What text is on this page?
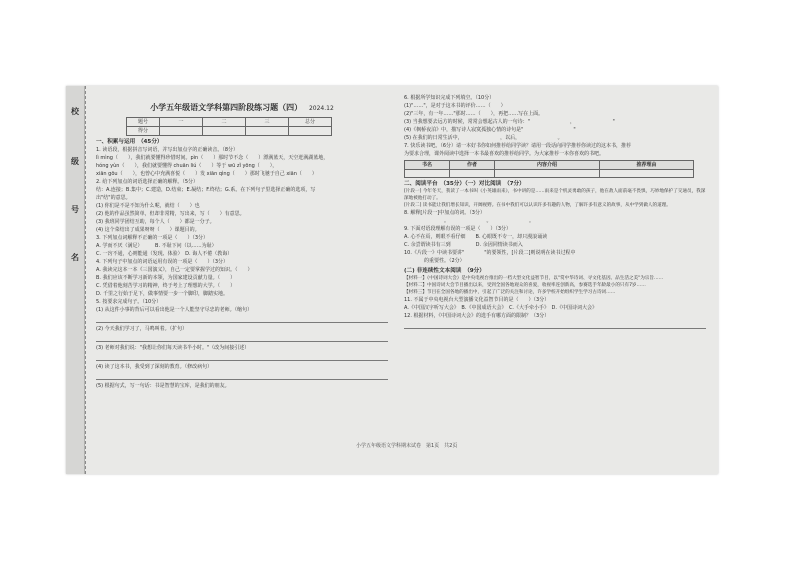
校
级
号
名
小学五年级语文学科第四阶段练习题（四） 2024.12
题号	一	二	三	总分
得分				
一、积累与运用　（45分）

1. 读语段，根据拼音写词语，并写出加点字的正确读音。（8分）

lì mìng（　　），我们就要懂得珍惜时间。pìn（　　）那时节不念（　　）漂满蓝天，天空迸满湖蓝地，

hóng yùn（　　），我们就要懂得 chuān liú（　　）等于 wū zǐ yōng（　　），

xiān gōu（　　），也曾心中充满喜悦（　　）发 xiān qìng（　　）那时飞驰于自己 xiān（　　）

2. 给下列加点的词语选择正确的解释。（5分）

结：A.连接；B.集中；C.建造，D.结束；E.凝结；F.终结；G.系。在下列句子里选择正确的选项，写

出"结"的意思。

(1) 你们是不是不知为什么呢，就结（　　）也

(2) 他的作品虽然简单，但却非常精，写出来，写（　　）有意思。

(3) 我班同学团结互助，每个人（　　）都是一分子。

(4) 这个菜结出了成果呀呀（　　）课题目的。

3. 下列加点词解释不正确的一项是（　　）（3分）

A. 学而不厌（满足）　　　B. 不耻下问（以……为耻）

C. 一窍不通，心则能通（发现、体验）　D. 诲人不倦（教诲）

4. 下列句子中加点的词语运用有误的一项是（　　）（3分）

A. 我读完这本一本《三国演义》，自己一定要掌握学过的知识。（　　）

B. 我们应该不断学习新的本领，为国家建设贡献力量。（　　）

C. 凭借着他刻苦学习的精神，终于考上了理想的大学。（　　）

D. 千里之行始于足下，做事情要一步一个脚印，脚踏实地。

5. 按要求完成句子。（10分）

(1) 从这件小事的背后可以看出他是一个人能坚守尽忠的老师。（缩句）

(2) 今天我们学习了，马鸣叫着。（扩句）

(3) 老师对我们说："我想让你们每天读书半小时。"（改为间接引述）

(4) 读了这本书，我受到了深刻的教育。（修改病句）

(5) 根据句式，写一句话：书是智慧的宝库，是我们的朋友。

6. 根据所学知识完成下列填空。（10分）

(1)"……"，是对于这本书的评价……（　　）

(2)"三年，有一年……"那时……（　　），再把……写在上面。

(3) 当我想要去远方的时候，常常会想起古人的一句诗："　　　　　　　　，　　　　　　　　"

(4)《枫桥夜泊》中，描写诗人寂寞孤独心情的诗句是"　　　　　　　　　　"

(5) 在我们的日常生活中，　　　　　　　　，以后，　　　　　　　　。

7. 快乐读书吧。（6分）请一本好书你如何推荐给同学读？请用一段话向同学推荐你读过的这本书，推荐

为要求合理，课外阅读中选择一本书最喜欢的推荐给同学。为大家推荐一本你喜欢的书吧。

书名	作者	内容介绍	推荐理由

二、阅读平台　（35分）（一）对比阅读　（7分）
[片段一] 今年冬天，我读了一本书叫《小英雄雨来》，书中讲的是……雨来是个机灵勇敢的孩子，他在敌人面前毫不畏惧，巧妙地保护了交通员，我深深地被他打动了。
[片段二] 读书能让我们增长知识，开阔视野。在书中我们可以认识许多有趣的人物，了解许多有意义的故事，从中学到做人的道理。

8. 解释[片段一]中加点的词。（3分）

　　　　　　　　。　　　　　　　　。　　　　　　　　。

9. 下面对语段理解有误的一项是（　　）（3分）

A. 心不在焉，则眼不看仔细　　B. 心眼既不专一，却只漫浪诵读

C. 余尝谓读书有三到　　　　　D. 余因同情读书而入

10.《片段一》中读书要讲"　　　　"的要领性，[片段二]则说明在读书过程中

　　　　的重要性。（2分）

(二) 非连续性文本阅读　（9分）
【材料一】《中国诗词大会》是中央电视台推出的一档大型文化益智节目，以"赏中华诗词、寻文化基因、品生活之美"为宗旨……
【材料二】中国诗词大会节目播出以来，受到全国各地观众的喜爱，收视率连创新高，参赛选手年龄最小的只有7岁……
【材料三】节目在全国各地的播出中，引起了广泛的关注和讨论，许多学校开始组织学生学习古诗词……

11. 不属于中央电视台大型演播文化益智节目的是（　　）（3分）

A.《中国汉字听写大会》　B.《中国成语大会》　C.《大手牵小手》　D.《中国诗词大会》

12. 根据材料，《中国诗词大会》的选手有哪方面的限制？（3分）

小学五年级语文学科期末试卷　第1页　共2页
